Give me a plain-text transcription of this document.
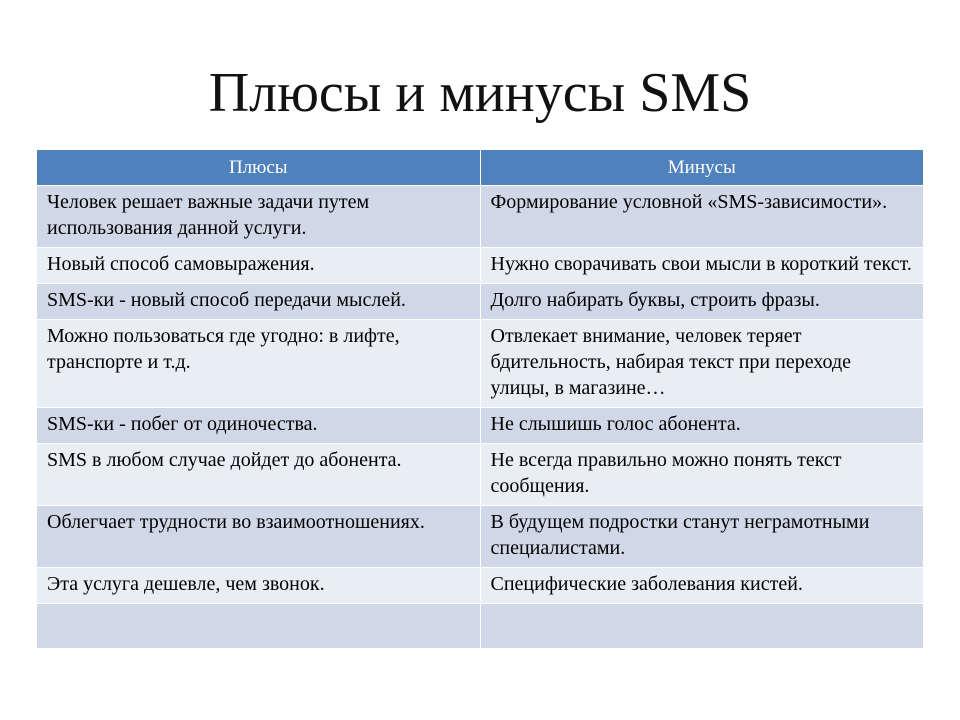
Плюсы и минусы SMS
Плюсы	Минусы
Человек решает важные задачи путем использования данной услуги.	Формирование условной «SMS-зависимости».
Новый способ самовыражения.	Нужно сворачивать свои мысли в короткий текст.
SMS-ки - новый способ передачи мыслей.	Долго набирать буквы, строить фразы.
Можно пользоваться где угодно: в лифте, транспорте и т.д.	Отвлекает внимание, человек теряет бдительность, набирая текст при переходе улицы, в магазине…
SMS-ки - побег от одиночества.	Не слышишь голос абонента.
SMS в любом случае дойдет до абонента.	Не всегда правильно можно понять текст сообщения.
Облегчает трудности во взаимоотношениях.	В будущем подростки станут неграмотными специалистами.
Эта услуга дешевле, чем звонок.	Специфические заболевания кистей.
